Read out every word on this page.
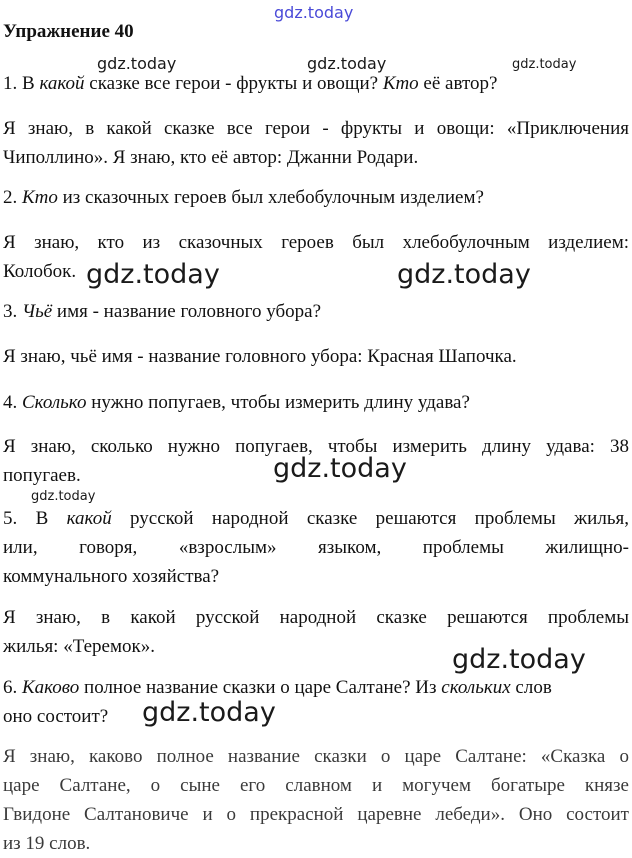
gdz.today
gdz.today	gdz.today	gdz.today
gdz.today	gdz.today
gdz.today
gdz.today
gdz.today
gdz.today
Упражнение 40

1. В какой сказке все герои - фрукты и овощи? Кто её автор?

Я знаю, в какой сказке все герои - фрукты и овощи: «Приключения
Чиполлино». Я знаю, кто её автор: Джанни Родари.

2. Кто из сказочных героев был хлебобулочным изделием?

Я знаю, кто из сказочных героев был хлебобулочным изделием:
Колобок.

3. Чьё имя - название головного убора?

Я знаю, чьё имя - название головного убора: Красная Шапочка.

4. Сколько нужно попугаев, чтобы измерить длину удава?

Я знаю, сколько нужно попугаев, чтобы измерить длину удава: 38
попугаев.
5. В какой русской народной сказке решаются проблемы жилья,
или, говоря, «взрослым» языком, проблемы жилищно-
коммунального хозяйства?
Я знаю, в какой русской народной сказке решаются проблемы
жилья: «Теремок».
6. Каково полное название сказки о царе Салтане? Из скольких слов
оно состоит?
Я знаю, каково полное название сказки о царе Салтане: «Сказка о
царе Салтане, о сыне его славном и могучем богатыре князе
Гвидоне Салтановиче и о прекрасной царевне лебеди». Оно состоит
из 19 слов.
